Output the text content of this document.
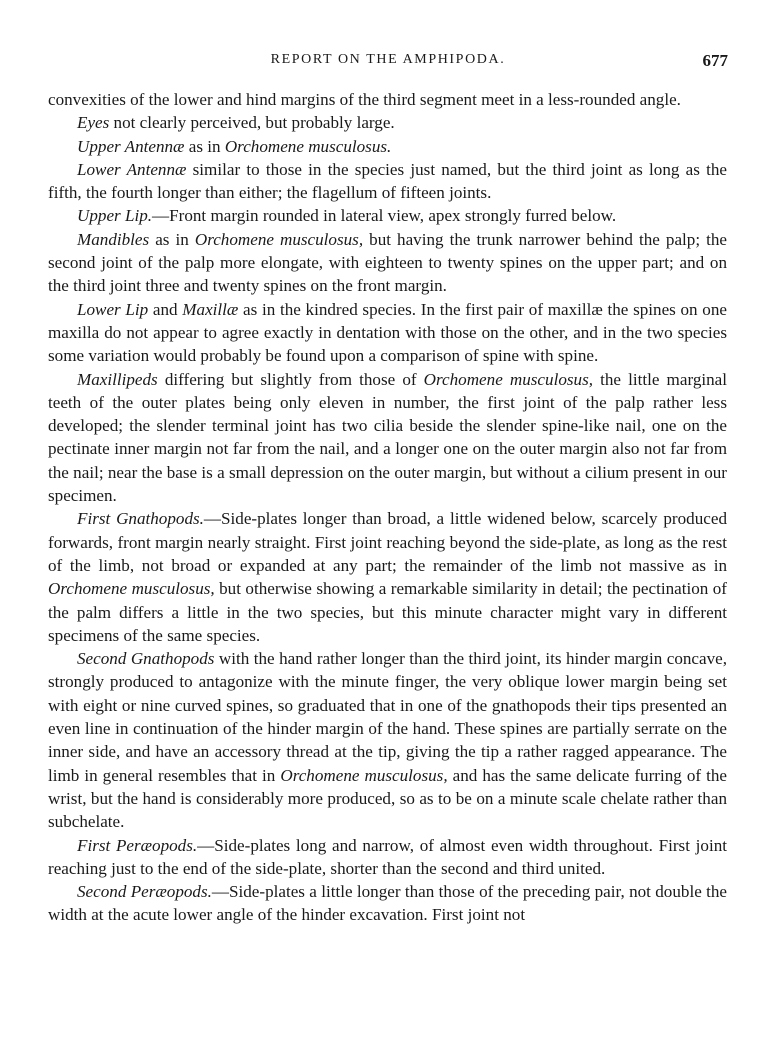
REPORT ON THE AMPHIPODA.	677

convexities of the lower and hind margins of the third segment meet in a less-rounded angle.

Eyes not clearly perceived, but probably large.

Upper Antennæ as in Orchomene musculosus.

Lower Antennæ similar to those in the species just named, but the third joint as long as the fifth, the fourth longer than either; the flagellum of fifteen joints.

Upper Lip.—Front margin rounded in lateral view, apex strongly furred below.

Mandibles as in Orchomene musculosus, but having the trunk narrower behind the palp; the second joint of the palp more elongate, with eighteen to twenty spines on the upper part; and on the third joint three and twenty spines on the front margin.

Lower Lip and Maxillæ as in the kindred species. In the first pair of maxillæ the spines on one maxilla do not appear to agree exactly in dentation with those on the other, and in the two species some variation would probably be found upon a comparison of spine with spine.

Maxillipeds differing but slightly from those of Orchomene musculosus, the little marginal teeth of the outer plates being only eleven in number, the first joint of the palp rather less developed; the slender terminal joint has two cilia beside the slender spine-like nail, one on the pectinate inner margin not far from the nail, and a longer one on the outer margin also not far from the nail; near the base is a small depression on the outer margin, but without a cilium present in our specimen.

First Gnathopods.—Side-plates longer than broad, a little widened below, scarcely produced forwards, front margin nearly straight. First joint reaching beyond the side-plate, as long as the rest of the limb, not broad or expanded at any part; the remainder of the limb not massive as in Orchomene musculosus, but otherwise showing a remarkable similarity in detail; the pectination of the palm differs a little in the two species, but this minute character might vary in different specimens of the same species.

Second Gnathopods with the hand rather longer than the third joint, its hinder margin concave, strongly produced to antagonize with the minute finger, the very oblique lower margin being set with eight or nine curved spines, so graduated that in one of the gnathopods their tips presented an even line in continuation of the hinder margin of the hand. These spines are partially serrate on the inner side, and have an accessory thread at the tip, giving the tip a rather ragged appearance. The limb in general resembles that in Orchomene musculosus, and has the same delicate furring of the wrist, but the hand is considerably more produced, so as to be on a minute scale chelate rather than subchelate.

First Peræopods.—Side-plates long and narrow, of almost even width throughout. First joint reaching just to the end of the side-plate, shorter than the second and third united.

Second Peræopods.—Side-plates a little longer than those of the preceding pair, not double the width at the acute lower angle of the hinder excavation. First joint not
